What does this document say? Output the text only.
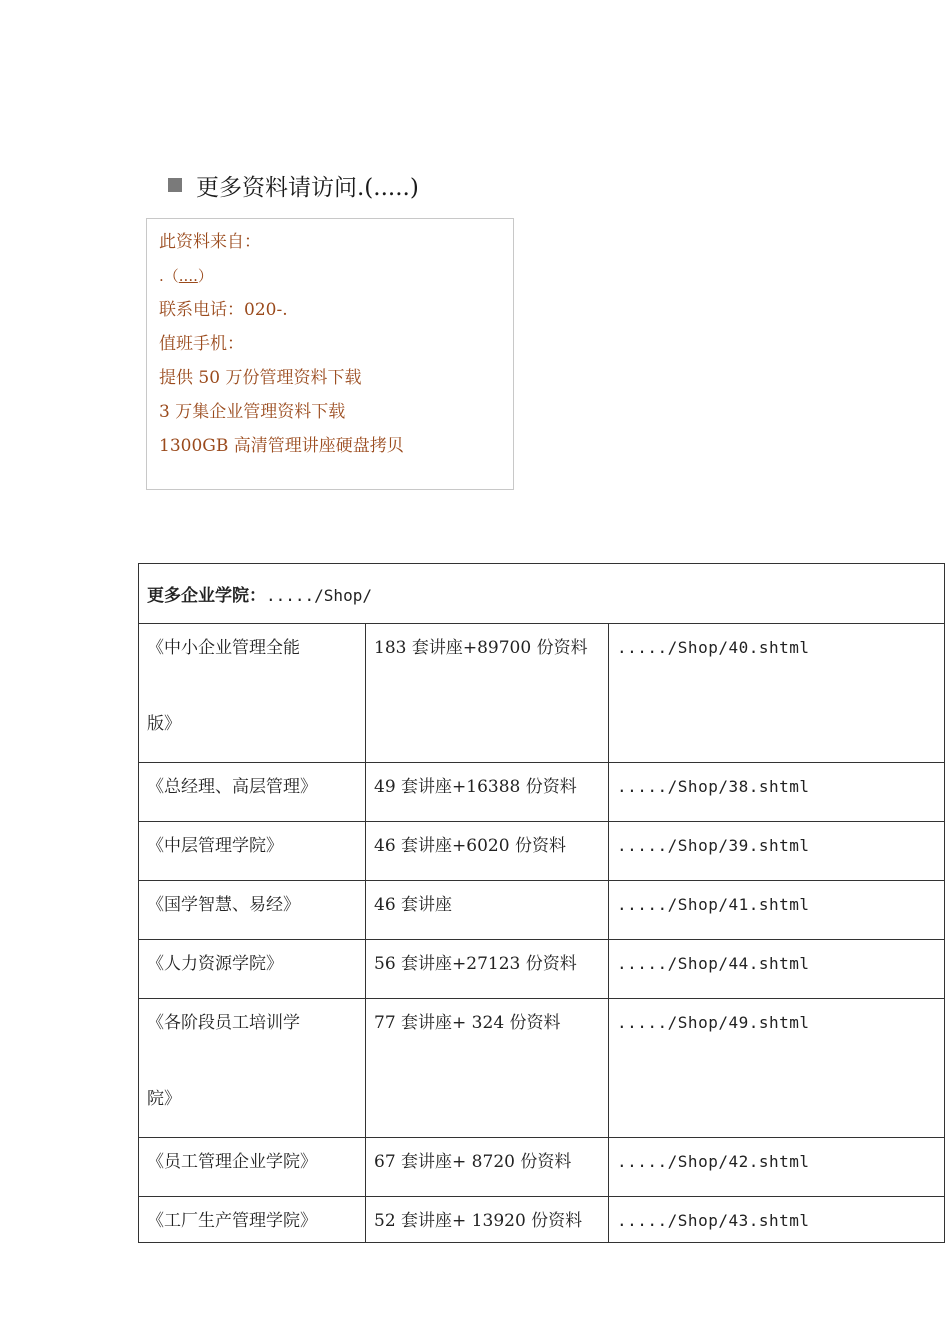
更多资料请访问.(.....)
此资料来自：
.（....）
联系电话：020-.
值班手机：
提供 50 万份管理资料下载
3 万集企业管理资料下载
1300GB 高清管理讲座硬盘拷贝
更多企业学院：...../Shop/		

《中小企业管理全能
版》	183 套讲座+89700 份资料	...../Shop/40.shtml

《总经理、高层管理》	49 套讲座+16388 份资料	...../Shop/38.shtml

《中层管理学院》	46 套讲座+6020 份资料	...../Shop/39.shtml

《国学智慧、易经》	46 套讲座	...../Shop/41.shtml

《人力资源学院》	56 套讲座+27123 份资料	...../Shop/44.shtml

《各阶段员工培训学
院》	77 套讲座+ 324 份资料	...../Shop/49.shtml

《员工管理企业学院》	67 套讲座+ 8720 份资料	...../Shop/42.shtml

《工厂生产管理学院》	52 套讲座+ 13920 份资料	...../Shop/43.shtml
